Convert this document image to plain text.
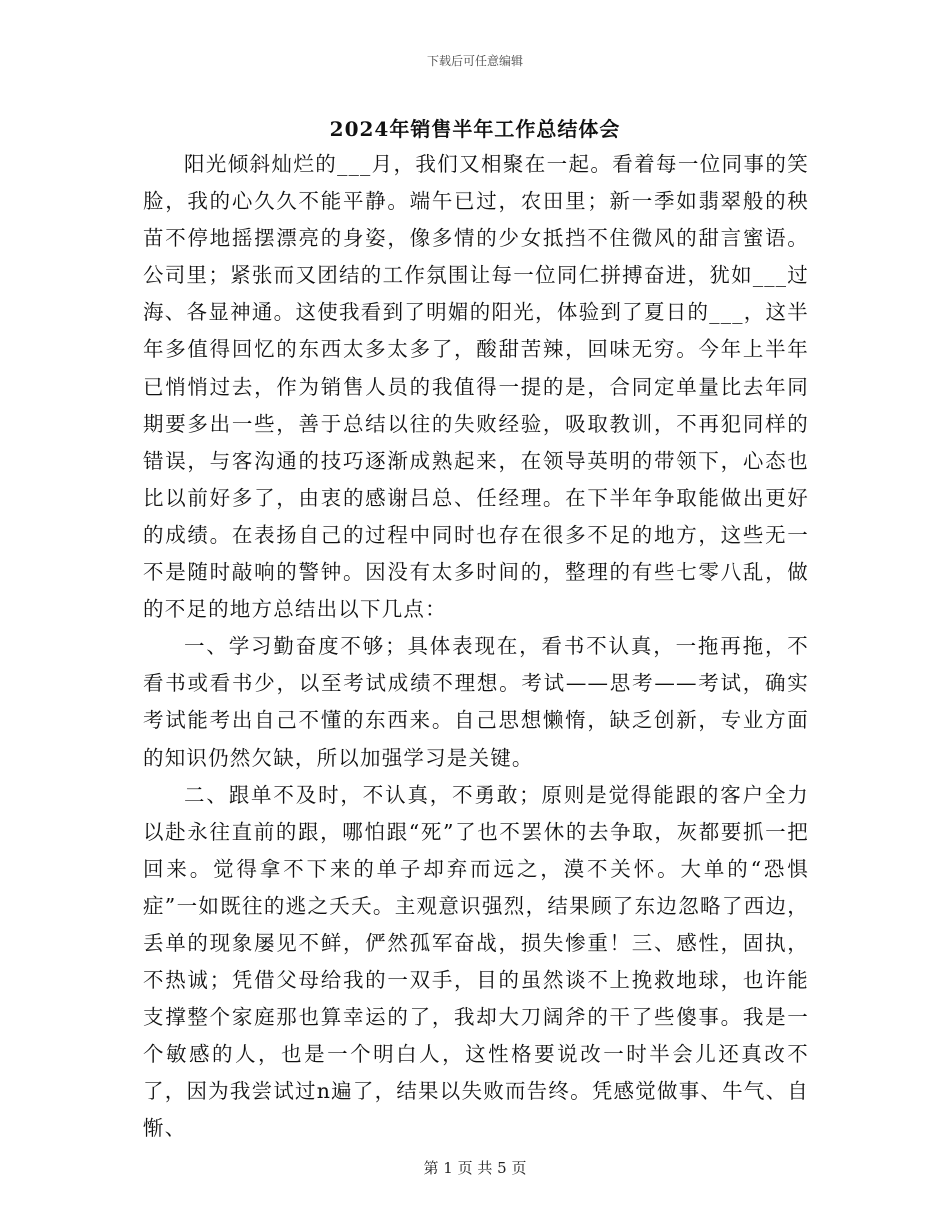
下载后可任意编辑
2024年销售半年工作总结体会

阳光倾斜灿烂的___月，我们又相聚在一起。看着每一位同事的笑脸，我的心久久不能平静。端午已过，农田里；新一季如翡翠般的秧苗不停地摇摆漂亮的身姿，像多情的少女抵挡不住微风的甜言蜜语。公司里；紧张而又团结的工作氛围让每一位同仁拼搏奋进，犹如___过海、各显神通。这使我看到了明媚的阳光，体验到了夏日的___，这半年多值得回忆的东西太多太多了，酸甜苦辣，回味无穷。今年上半年已悄悄过去，作为销售人员的我值得一提的是，合同定单量比去年同期要多出一些，善于总结以往的失败经验，吸取教训，不再犯同样的错误，与客沟通的技巧逐渐成熟起来，在领导英明的带领下，心态也比以前好多了，由衷的感谢吕总、任经理。在下半年争取能做出更好的成绩。在表扬自己的过程中同时也存在很多不足的地方，这些无一不是随时敲响的警钟。因没有太多时间的，整理的有些七零八乱，做的不足的地方总结出以下几点：

一、学习勤奋度不够；具体表现在，看书不认真，一拖再拖，不看书或看书少，以至考试成绩不理想。考试——思考——考试，确实考试能考出自己不懂的东西来。自己思想懒惰，缺乏创新，专业方面的知识仍然欠缺，所以加强学习是关键。

二、跟单不及时，不认真，不勇敢；原则是觉得能跟的客户全力以赴永往直前的跟，哪怕跟“死”了也不罢休的去争取，灰都要抓一把回来。觉得拿不下来的单子却弃而远之，漠不关怀。大单的“恐惧症”一如既往的逃之夭夭。主观意识强烈，结果顾了东边忽略了西边，丢单的现象屡见不鲜，俨然孤军奋战，损失惨重！三、感性，固执，不热诚；凭借父母给我的一双手，目的虽然谈不上挽救地球，也许能支撑整个家庭那也算幸运的了，我却大刀阔斧的干了些傻事。我是一个敏感的人，也是一个明白人，这性格要说改一时半会儿还真改不了，因为我尝试过n遍了，结果以失败而告终。凭感觉做事、牛气、自惭、

第 1 页 共 5 页
